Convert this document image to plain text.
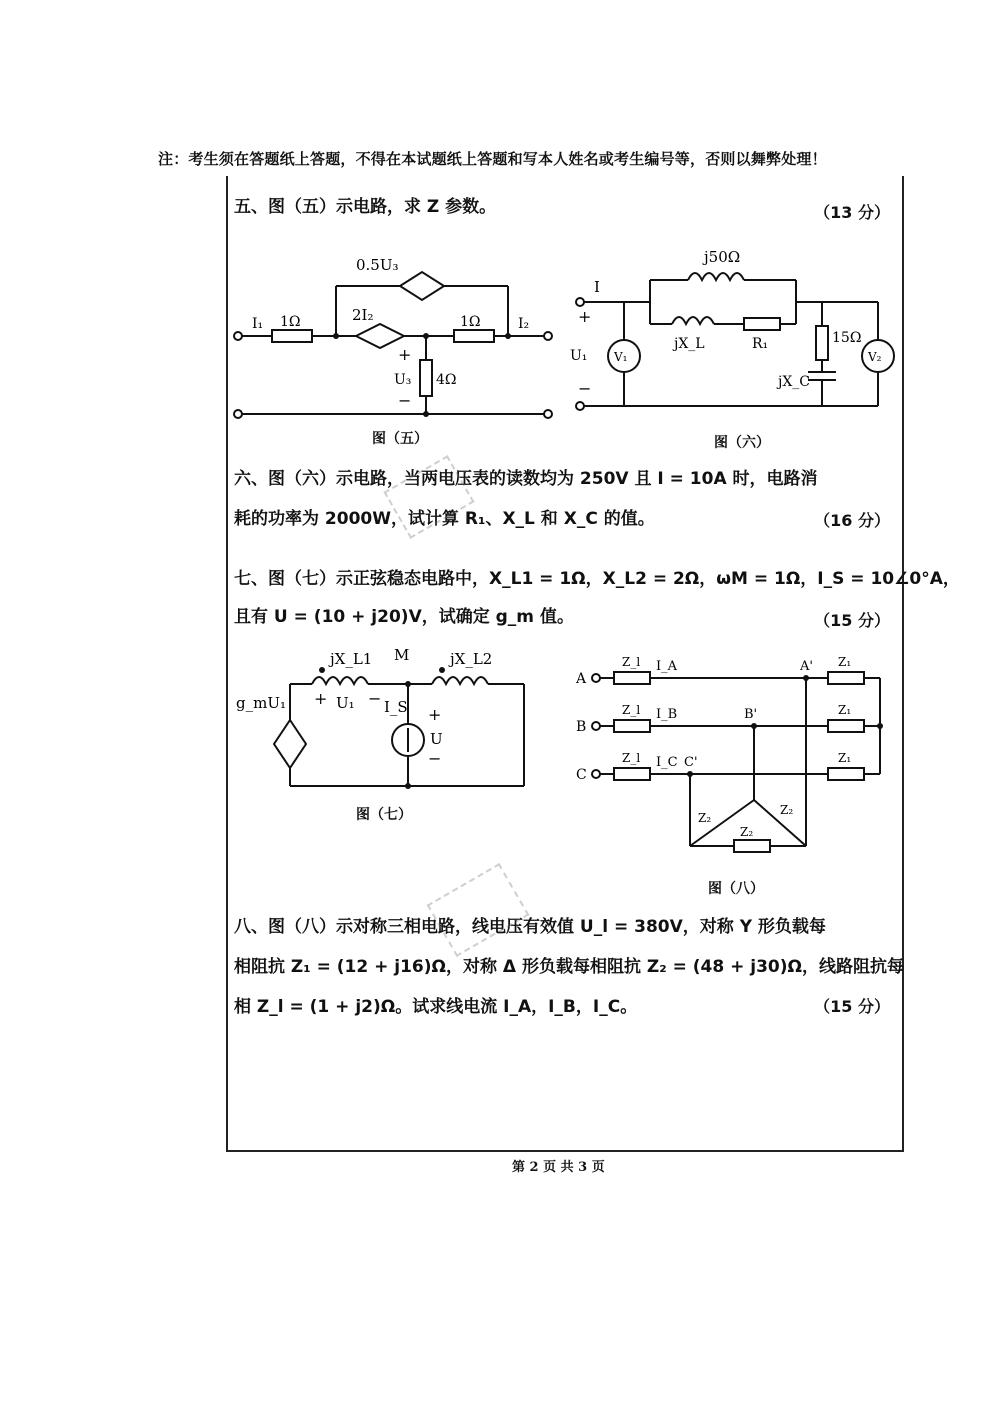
注：考生须在答题纸上答题，不得在本试题纸上答题和写本人姓名或考生编号等，否则以舞弊处理！
五、图（五）示电路，求 Z 参数。	（13 分）
0.5U₃
I₁ 1Ω	2I₂	1Ω	I₂
U₃ 4Ω
+
−
图（五）
j50Ω
I
jX_L	R₁	15Ω
U₁ V₁	V₂
jX_C
+
−
图（六）
六、图（六）示电路，当两电压表的读数均为 250V 且 I = 10A 时，电路消
耗的功率为 2000W，试计算 R₁、X_L 和 X_C 的值。	（16 分）
七、图（七）示正弦稳态电路中，X_L1 = 1Ω，X_L2 = 2Ω，ωM = 1Ω，I_S = 10∠0°A，
且有 U = (10 + j20)V，试确定 g_m 值。	（15 分）
jX_L1 M	jX_L2
g_mU₁	U₁ I_S
U
+	−
+
−
图（七）
A
B
C
Z_l
Z_l
Z_l
I_A
I_B
I_C
A'
B'
C'
Z₁
Z₁
Z₁
Z₂
Z₂
Z₂
图（八）
八、图（八）示对称三相电路，线电压有效值 U_l = 380V，对称 Y 形负载每
相阻抗 Z₁ = (12 + j16)Ω，对称 Δ 形负载每相阻抗 Z₂ = (48 + j30)Ω，线路阻抗每
相 Z_l = (1 + j2)Ω。试求线电流 I_A，I_B，I_C。	（15 分）
第 2 页 共 3 页
